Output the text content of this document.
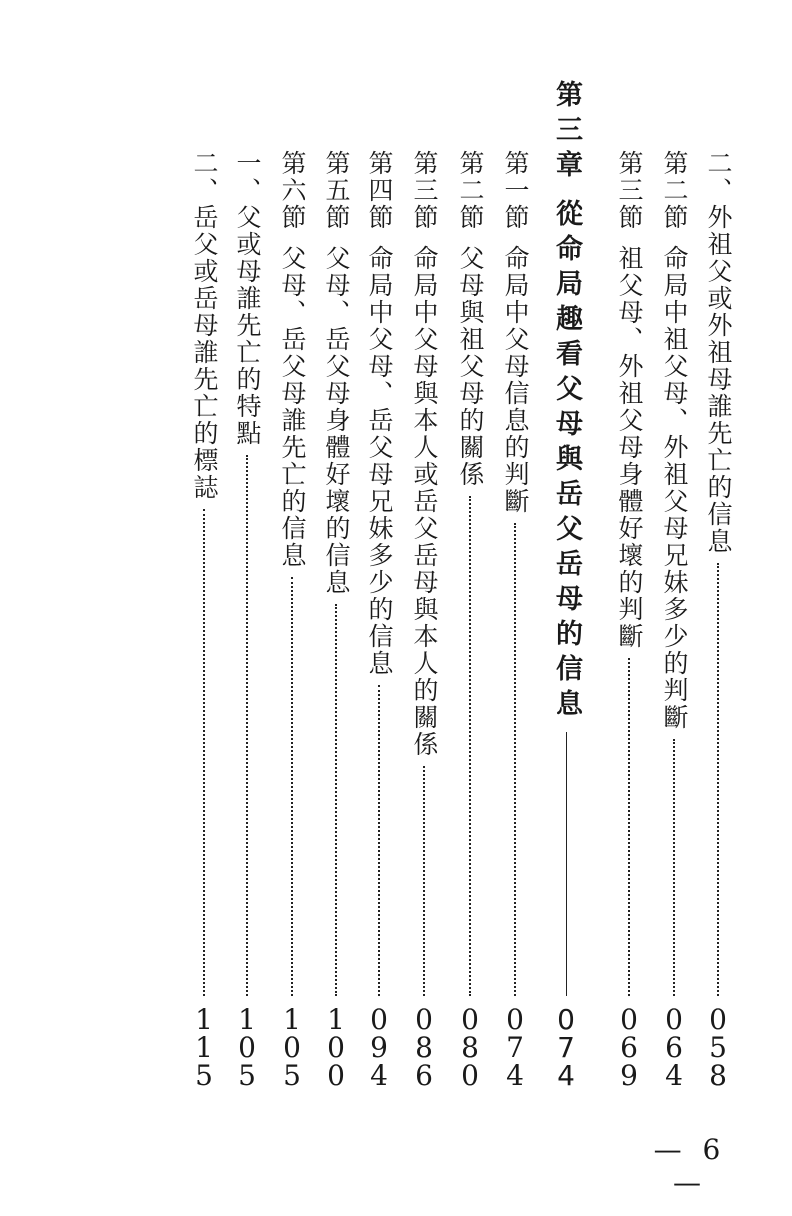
二、外祖父或外祖母誰先亡的信息
0
5
8
第二節
命局中祖父母、外祖父母兄妹多少的判斷
0
6
4
第三節
祖父母、外祖父母身體好壞的判斷
0
6
9
第三章
從命局趣看父母與岳父岳母的信息
0
7
4
第一節
命局中父母信息的判斷
0
7
4
第二節
父母與祖父母的關係
0
8
0
第三節
命局中父母與本人或岳父岳母與本人的關係
0
8
6
第四節
命局中父母、岳父母兄妹多少的信息
0
9
4
第五節
父母、岳父母身體好壞的信息
1
0
0
第六節
父母、岳父母誰先亡的信息
1
0
5
一、父或母誰先亡的特點
1
0
5
二、岳父或岳母誰先亡的標誌
1
1
5
— 6 —
